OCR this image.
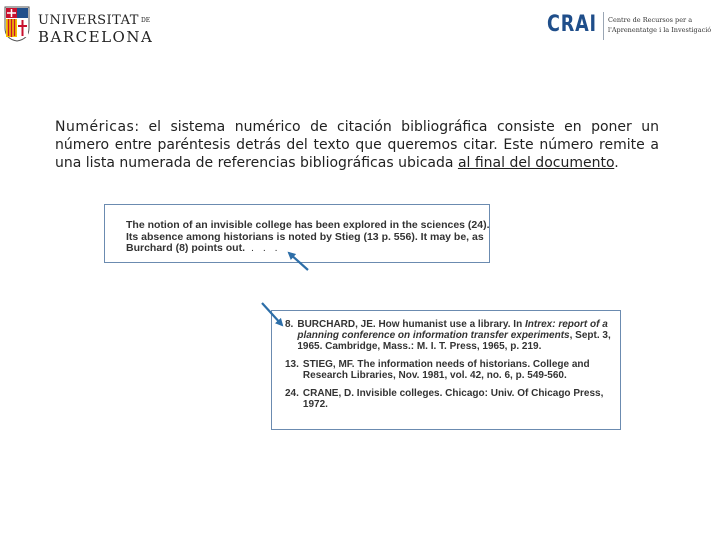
UNIVERSITAT DE
BARCELONA	CRAI Centre de Recursos per a
l'Aprenentatge i la Investigació

Numéricas: el sistema numérico de citación bibliográfica consiste en poner un número entre paréntesis detrás del texto que queremos citar. Este número remite a una lista numerada de referencias bibliográficas ubicada al final del documento.

The notion of an invisible college has been explored in the sciences (24). Its absence among historians is noted by Stieg (13 p. 556). It may be, as Burchard (8) points out. . . .
8. BURCHARD, JE. How humanist use a library. In Intrex: report of a planning conference on information transfer experiments, Sept. 3, 1965. Cambridge, Mass.: M. I. T. Press, 1965, p. 219.
13. STIEG, MF. The information needs of historians. College and Research Libraries, Nov. 1981, vol. 42, no. 6, p. 549-560.
24. CRANE, D. Invisible colleges. Chicago: Univ. Of Chicago Press, 1972.
